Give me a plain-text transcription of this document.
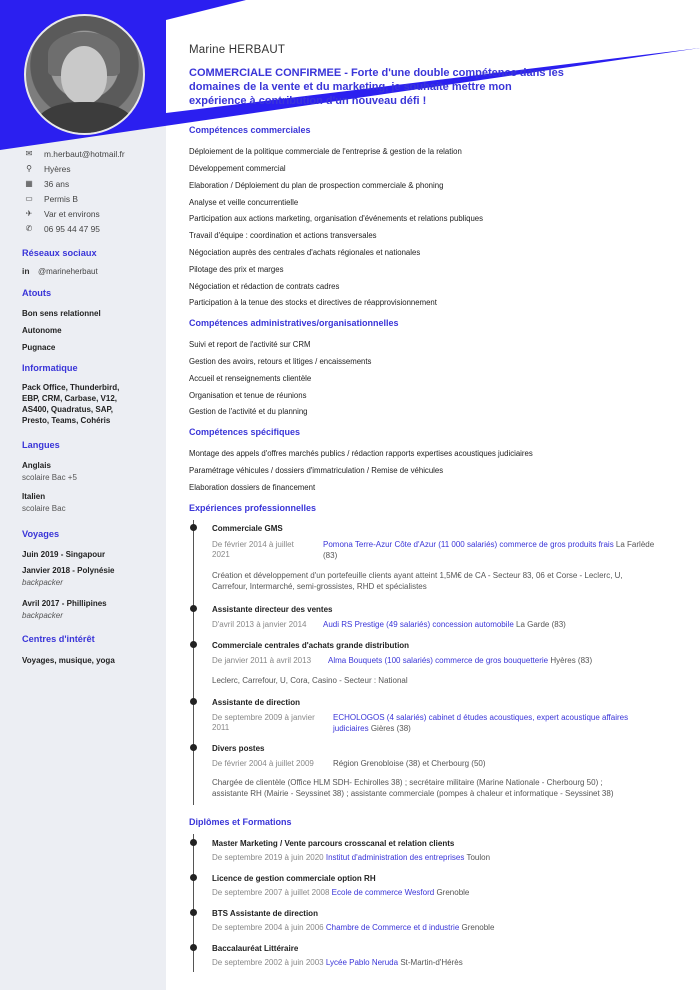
✉	m.herbaut@hotmail.fr
⚲	Hyères
▦	36 ans
▭	Permis B
✈	Var et environs
✆	06 95 44 47 95
Réseaux sociaux
in	@marineherbaut
Atouts
Bon sens relationnel
Autonome
Pugnace
Informatique
Pack Office, Thunderbird,
EBP, CRM, Carbase, V12,
AS400, Quadratus, SAP,
Presto, Teams, Cohéris
Langues
Anglais
scolaire Bac +5
Italien
scolaire Bac
Voyages
Juin 2019 - Singapour
Janvier 2018 - Polynésie
backpacker
Avril 2017 - Phillipines
backpacker
Centres d'intérêt
Voyages, musique, yoga
Marine HERBAUT
COMMERCIALE CONFIRMEE - Forte d'une double compétence dans les domaines de la vente et du marketing, je souhaite mettre mon expérience à contribution d'un nouveau défi !
Compétences commerciales
Déploiement de la politique commerciale de l'entreprise & gestion de la relation
Développement commercial
Elaboration / Déploiement du plan de prospection commerciale & phoning
Analyse et veille concurrentielle
Participation aux actions marketing, organisation d'événements et relations publiques
Travail d'équipe : coordination et actions transversales
Négociation auprès des centrales d'achats régionales et nationales
Pilotage des prix et marges
Négociation et rédaction de contrats cadres
Participation à la tenue des stocks et directives de réapprovisionnement
Compétences administratives/organisationnelles
Suivi et report de l'activité sur CRM
Gestion des avoirs, retours et litiges / encaissements
Accueil et renseignements clientèle
Organisation et tenue de réunions
Gestion de l'activité et du planning
Compétences spécifiques
Montage des appels d'offres marchés publics / rédaction rapports expertises acoustiques judiciaires
Paramétrage véhicules / dossiers d'immatriculation / Remise de véhicules
Elaboration dossiers de financement
Expériences professionnelles
Commerciale GMS
De février 2014 à juillet
2021
Pomona Terre-Azur Côte d'Azur (11 000 salariés) commerce de gros produits frais La Farlède (83)
Création et développement d'un portefeuille clients ayant atteint 1,5M€ de CA - Secteur 83, 06 et Corse - Leclerc, U,
Carrefour, Intermarché, semi-grossistes, RHD et spécialistes
Assistante directeur des ventes
D'avril 2013 à janvier 2014 Audi RS Prestige (49 salariés) concession automobile La Garde (83)
Commerciale centrales d'achats grande distribution
De janvier 2011 à avril 2013 Alma Bouquets (100 salariés) commerce de gros bouquetterie Hyères (83)
Leclerc, Carrefour, U, Cora, Casino - Secteur : National
Assistante de direction
De septembre 2009 à janvier
2011
ECHOLOGOS (4 salariés) cabinet d études acoustiques, expert acoustique affaires judiciaires Gières (38)
Divers postes
De février 2004 à juillet 2009	Région Grenobloise (38) et Cherbourg (50)
Chargée de clientèle (Office HLM SDH- Echirolles 38) ; secrétaire militaire (Marine Nationale - Cherbourg 50) ;
assistante RH (Mairie - Seyssinet 38) ; assistante commerciale (pompes à chaleur et informatique - Seyssinet 38)
Diplômes et Formations
Master Marketing / Vente parcours crosscanal et relation clients
De septembre 2019 à juin 2020 Institut d'administration des entreprises Toulon
Licence de gestion commerciale option RH
De septembre 2007 à juillet 2008 Ecole de commerce Wesford Grenoble
BTS Assistante de direction
De septembre 2004 à juin 2006 Chambre de Commerce et d industrie Grenoble
Baccalauréat Littéraire
De septembre 2002 à juin 2003 Lycée Pablo Neruda St-Martin-d'Hérès
